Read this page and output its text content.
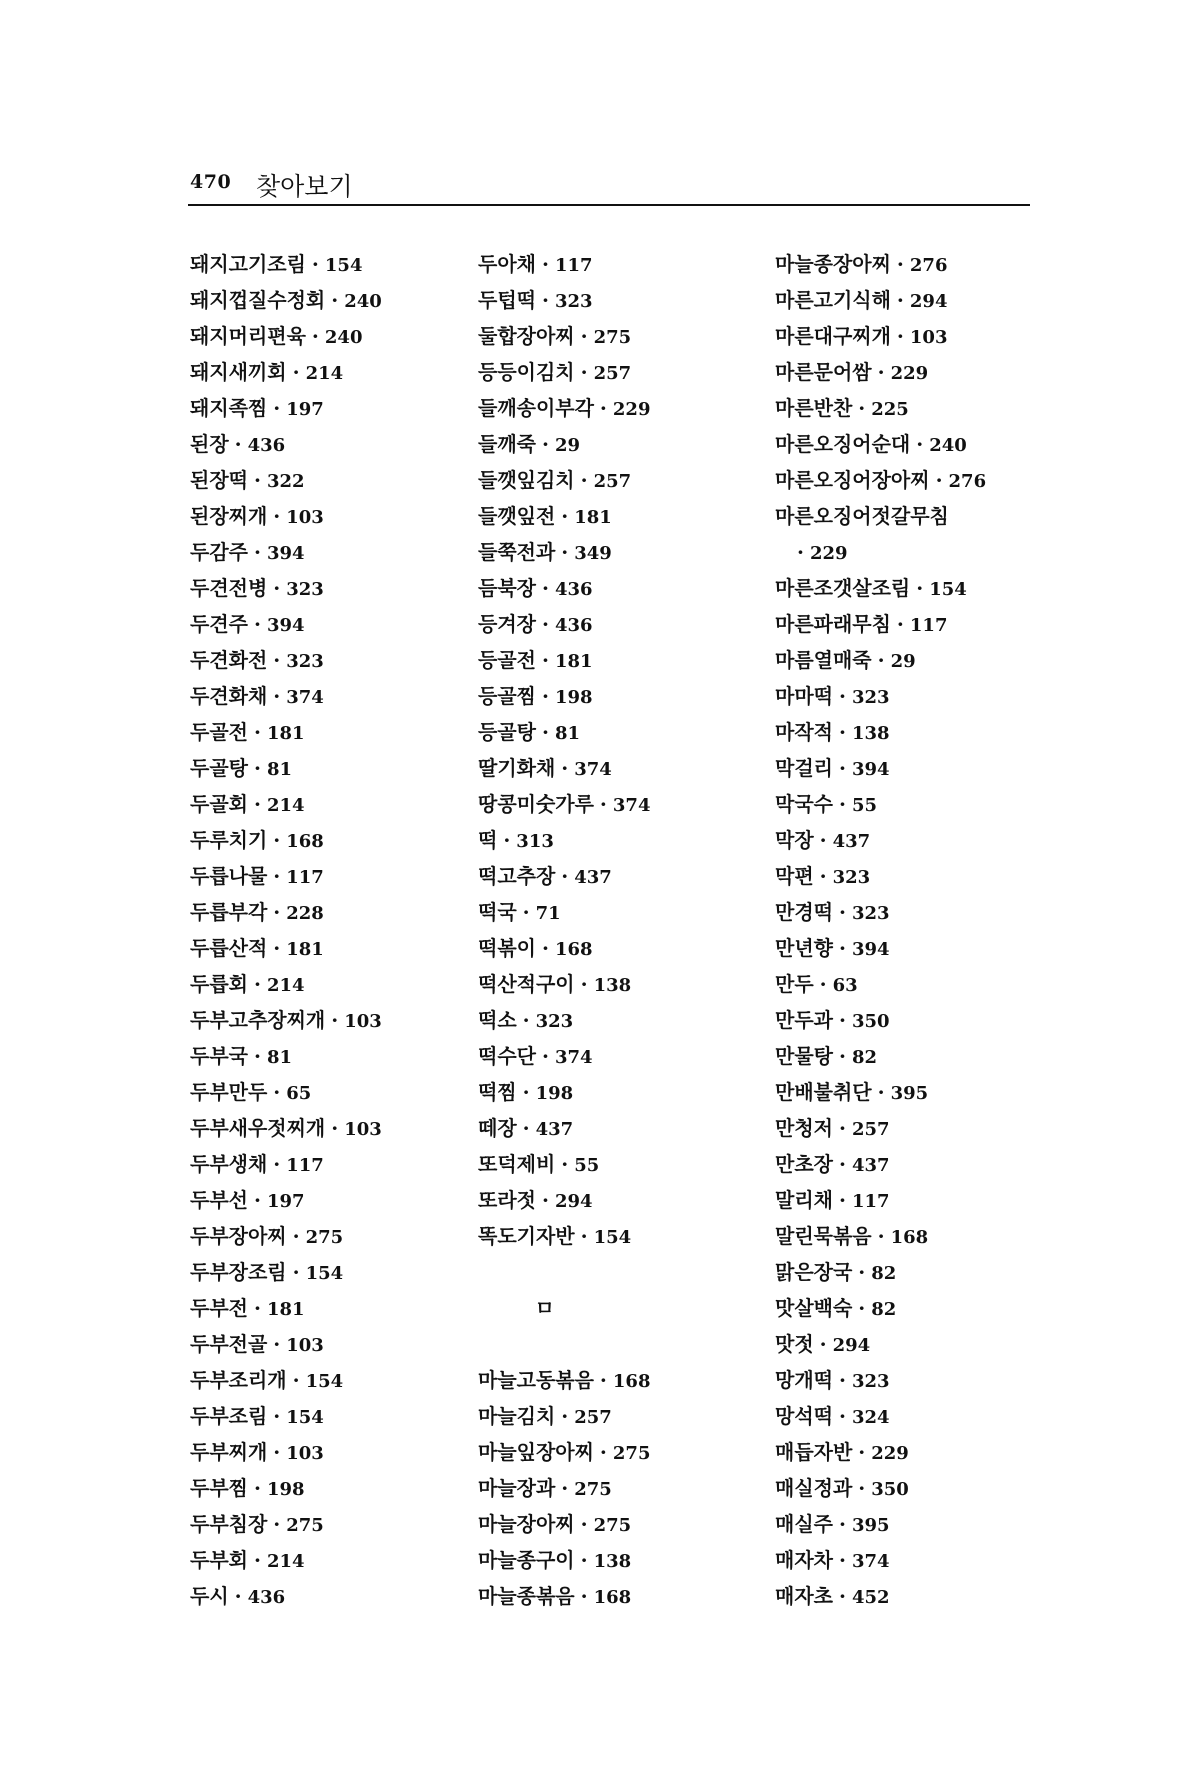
470 찾아보기
돼지고기조림 · 154
돼지껍질수정회 · 240
돼지머리편육 · 240
돼지새끼회 · 214
돼지족찜 · 197
된장 · 436
된장떡 · 322
된장찌개 · 103
두감주 · 394
두견전병 · 323
두견주 · 394
두견화전 · 323
두견화채 · 374
두골전 · 181
두골탕 · 81
두골회 · 214
두루치기 · 168
두릅나물 · 117
두릅부각 · 228
두릅산적 · 181
두릅회 · 214
두부고추장찌개 · 103
두부국 · 81
두부만두 · 65
두부새우젓찌개 · 103
두부생채 · 117
두부선 · 197
두부장아찌 · 275
두부장조림 · 154
두부전 · 181
두부전골 · 103
두부조리개 · 154
두부조림 · 154
두부찌개 · 103
두부찜 · 198
두부침장 · 275
두부회 · 214
두시 · 436
두아채 · 117
두텁떡 · 323
둘합장아찌 · 275
등등이김치 · 257
들깨송이부각 · 229
들깨죽 · 29
들깻잎김치 · 257
들깻잎전 · 181
들쭉전과 · 349
듬북장 · 436
등겨장 · 436
등골전 · 181
등골찜 · 198
등골탕 · 81
딸기화채 · 374
땅콩미숫가루 · 374
떡 · 313
떡고추장 · 437
떡국 · 71
떡볶이 · 168
떡산적구이 · 138
떡소 · 323
떡수단 · 374
떡찜 · 198
떼장 · 437
또덕제비 · 55
또라젓 · 294
똑도기자반 · 154
ㅁ
마늘고동볶음 · 168
마늘김치 · 257
마늘잎장아찌 · 275
마늘장과 · 275
마늘장아찌 · 275
마늘종구이 · 138
마늘종볶음 · 168
마늘종장아찌 · 276
마른고기식해 · 294
마른대구찌개 · 103
마른문어쌈 · 229
마른반찬 · 225
마른오징어순대 · 240
마른오징어장아찌 · 276
마른오징어젓갈무침
· 229
마른조갯살조림 · 154
마른파래무침 · 117
마름열매죽 · 29
마마떡 · 323
마작적 · 138
막걸리 · 394
막국수 · 55
막장 · 437
막편 · 323
만경떡 · 323
만년향 · 394
만두 · 63
만두과 · 350
만물탕 · 82
만배불취단 · 395
만청저 · 257
만초장 · 437
말리채 · 117
말린묵볶음 · 168
맑은장국 · 82
맛살백숙 · 82
맛젓 · 294
망개떡 · 323
망석떡 · 324
매듭자반 · 229
매실정과 · 350
매실주 · 395
매자차 · 374
매자초 · 452
